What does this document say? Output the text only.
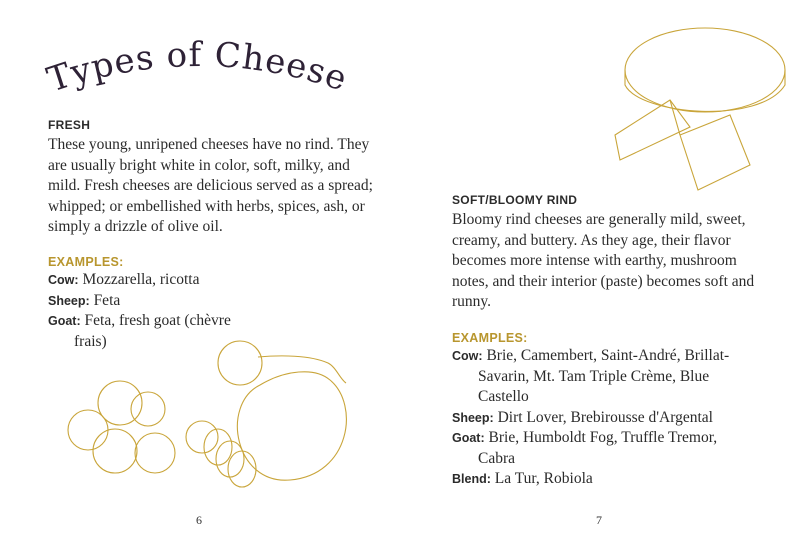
Types of Cheese
FRESH
These young, unripened cheeses have no rind. They are usually bright white in color, soft, milky, and mild. Fresh cheeses are delicious served as a spread; whipped; or embellished with herbs, spices, ash, or simply a drizzle of olive oil.
EXAMPLES:
Cow: Mozzarella, ricotta
Sheep: Feta
Goat: Feta, fresh goat (chèvre frais)
6
SOFT/BLOOMY RIND
Bloomy rind cheeses are generally mild, sweet, creamy, and buttery. As they age, their flavor becomes more intense with earthy, mushroom notes, and their interior (paste) becomes soft and runny.
EXAMPLES:
Cow: Brie, Camembert, Saint-André, Brillat-Savarin, Mt. Tam Triple Crème, Blue Castello
Sheep: Dirt Lover, Brebirousse d'Argental
Goat: Brie, Humboldt Fog, Truffle Tremor, Cabra
Blend: La Tur, Robiola
7
